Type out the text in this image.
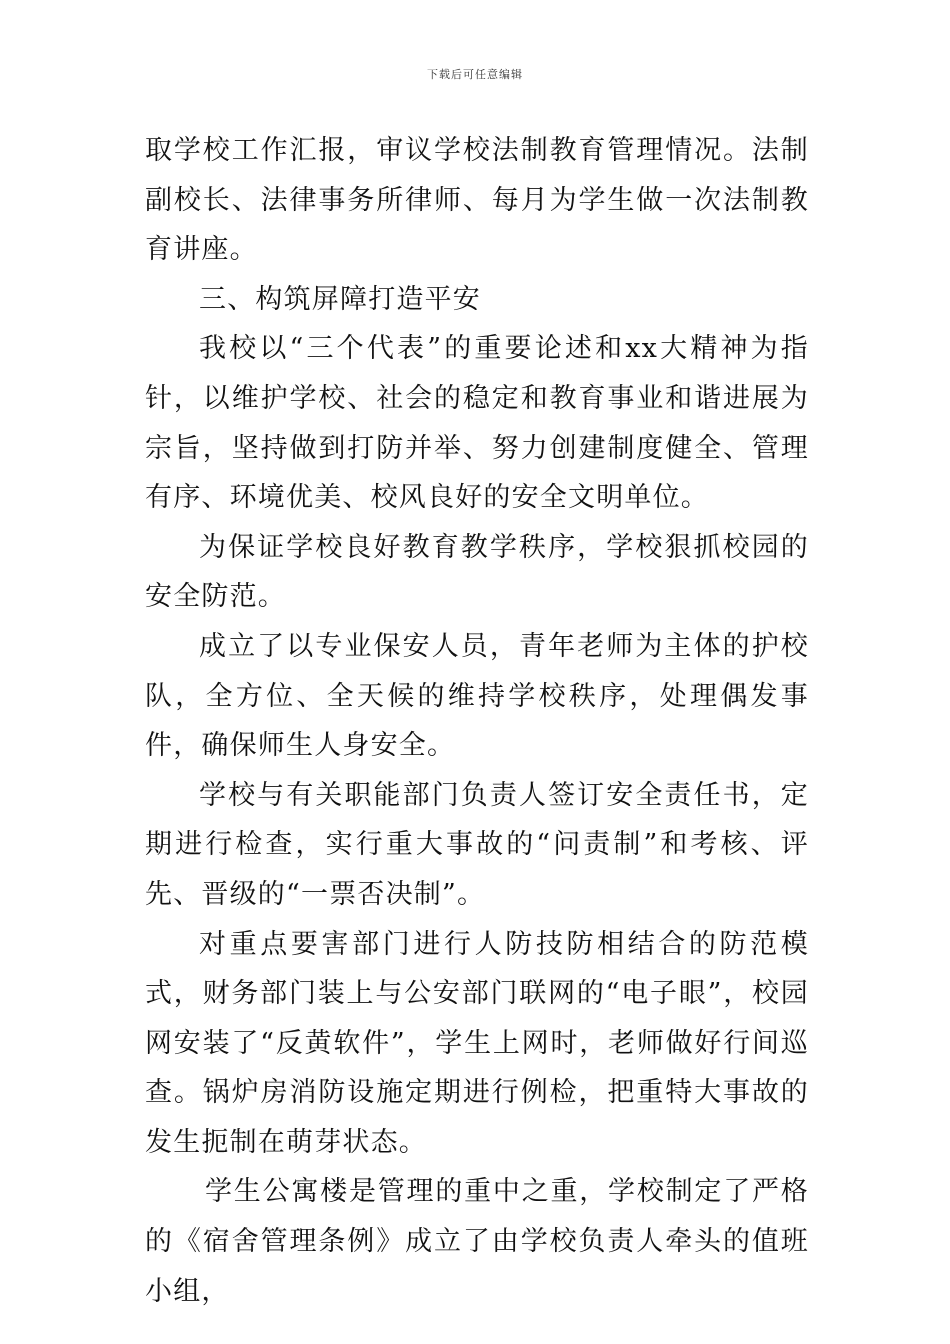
下载后可任意编辑

取学校工作汇报，审议学校法制教育管理情况。法制副校长、法律事务所律师、每月为学生做一次法制教育讲座。

三、构筑屏障打造平安

我校以“三个代表”的重要论述和xx大精神为指针，以维护学校、社会的稳定和教育事业和谐进展为宗旨，坚持做到打防并举、努力创建制度健全、管理有序、环境优美、校风良好的安全文明单位。

为保证学校良好教育教学秩序，学校狠抓校园的安全防范。

成立了以专业保安人员，青年老师为主体的护校队，全方位、全天候的维持学校秩序，处理偶发事件，确保师生人身安全。

学校与有关职能部门负责人签订安全责任书，定期进行检查，实行重大事故的“问责制”和考核、评先、晋级的“一票否决制”。

对重点要害部门进行人防技防相结合的防范模式，财务部门装上与公安部门联网的“电子眼”，校园网安装了“反黄软件”，学生上网时，老师做好行间巡查。锅炉房消防设施定期进行例检，把重特大事故的发生扼制在萌芽状态。

学生公寓楼是管理的重中之重，学校制定了严格的《宿舍管理条例》成立了由学校负责人牵头的值班小组，
